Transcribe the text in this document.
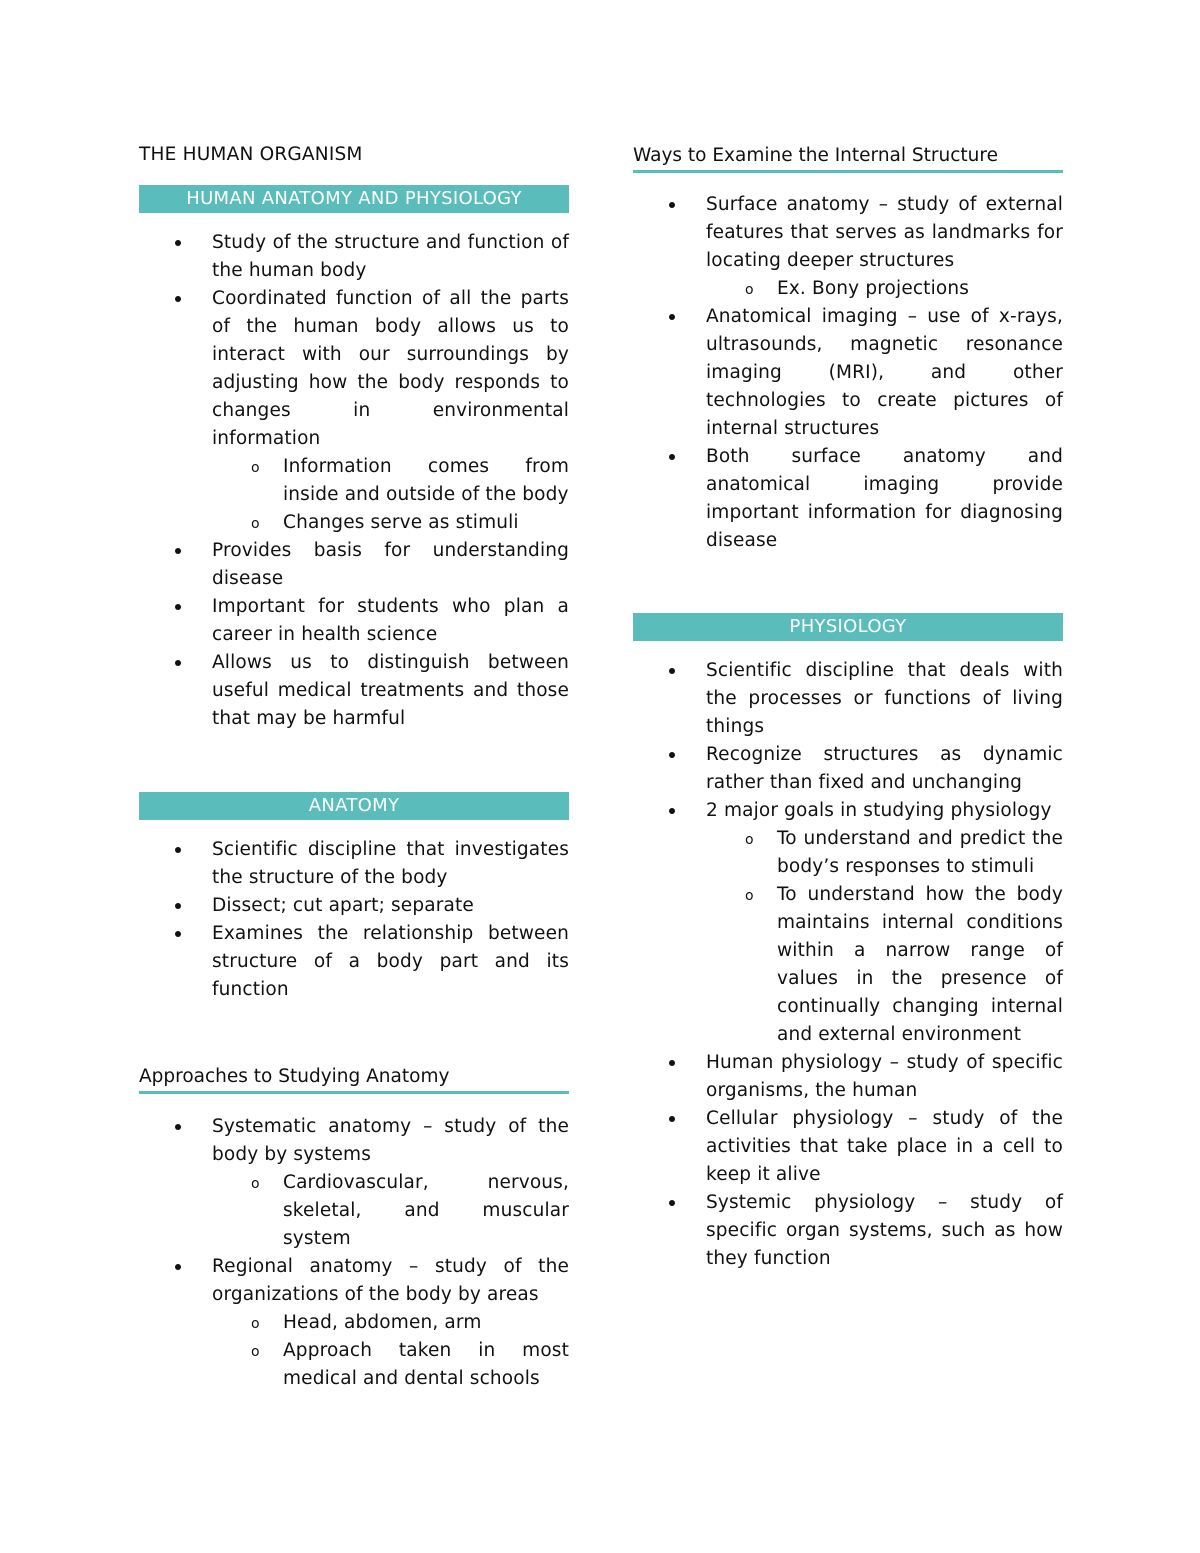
THE HUMAN ORGANISM
HUMAN ANATOMY AND PHYSIOLOGY
Study of the structure and function of the human body
Coordinated function of all the parts of the human body allows us to interact with our surroundings by adjusting how the body responds to changes in environmental information
o Information comes from inside and outside of the body
o Changes serve as stimuli
Provides basis for understanding disease
Important for students who plan a career in health science
Allows us to distinguish between useful medical treatments and those that may be harmful
ANATOMY
Scientific discipline that investigates the structure of the body
Dissect; cut apart; separate
Examines the relationship between structure of a body part and its function
Approaches to Studying Anatomy
Systematic anatomy – study of the body by systems
o Cardiovascular, nervous, skeletal, and muscular system
Regional anatomy – study of the organizations of the body by areas
o Head, abdomen, arm
o Approach taken in most medical and dental schools
Ways to Examine the Internal Structure
Surface anatomy – study of external features that serves as landmarks for locating deeper structures
o Ex. Bony projections
Anatomical imaging – use of x-rays, ultrasounds, magnetic resonance imaging (MRI), and other technologies to create pictures of internal structures
Both surface anatomy and anatomical imaging provide important information for diagnosing disease
PHYSIOLOGY
Scientific discipline that deals with the processes or functions of living things
Recognize structures as dynamic rather than fixed and unchanging
2 major goals in studying physiology
o To understand and predict the body’s responses to stimuli
o To understand how the body maintains internal conditions within a narrow range of values in the presence of continually changing internal and external environment
Human physiology – study of specific organisms, the human
Cellular physiology – study of the activities that take place in a cell to keep it alive
Systemic physiology – study of specific organ systems, such as how they function
